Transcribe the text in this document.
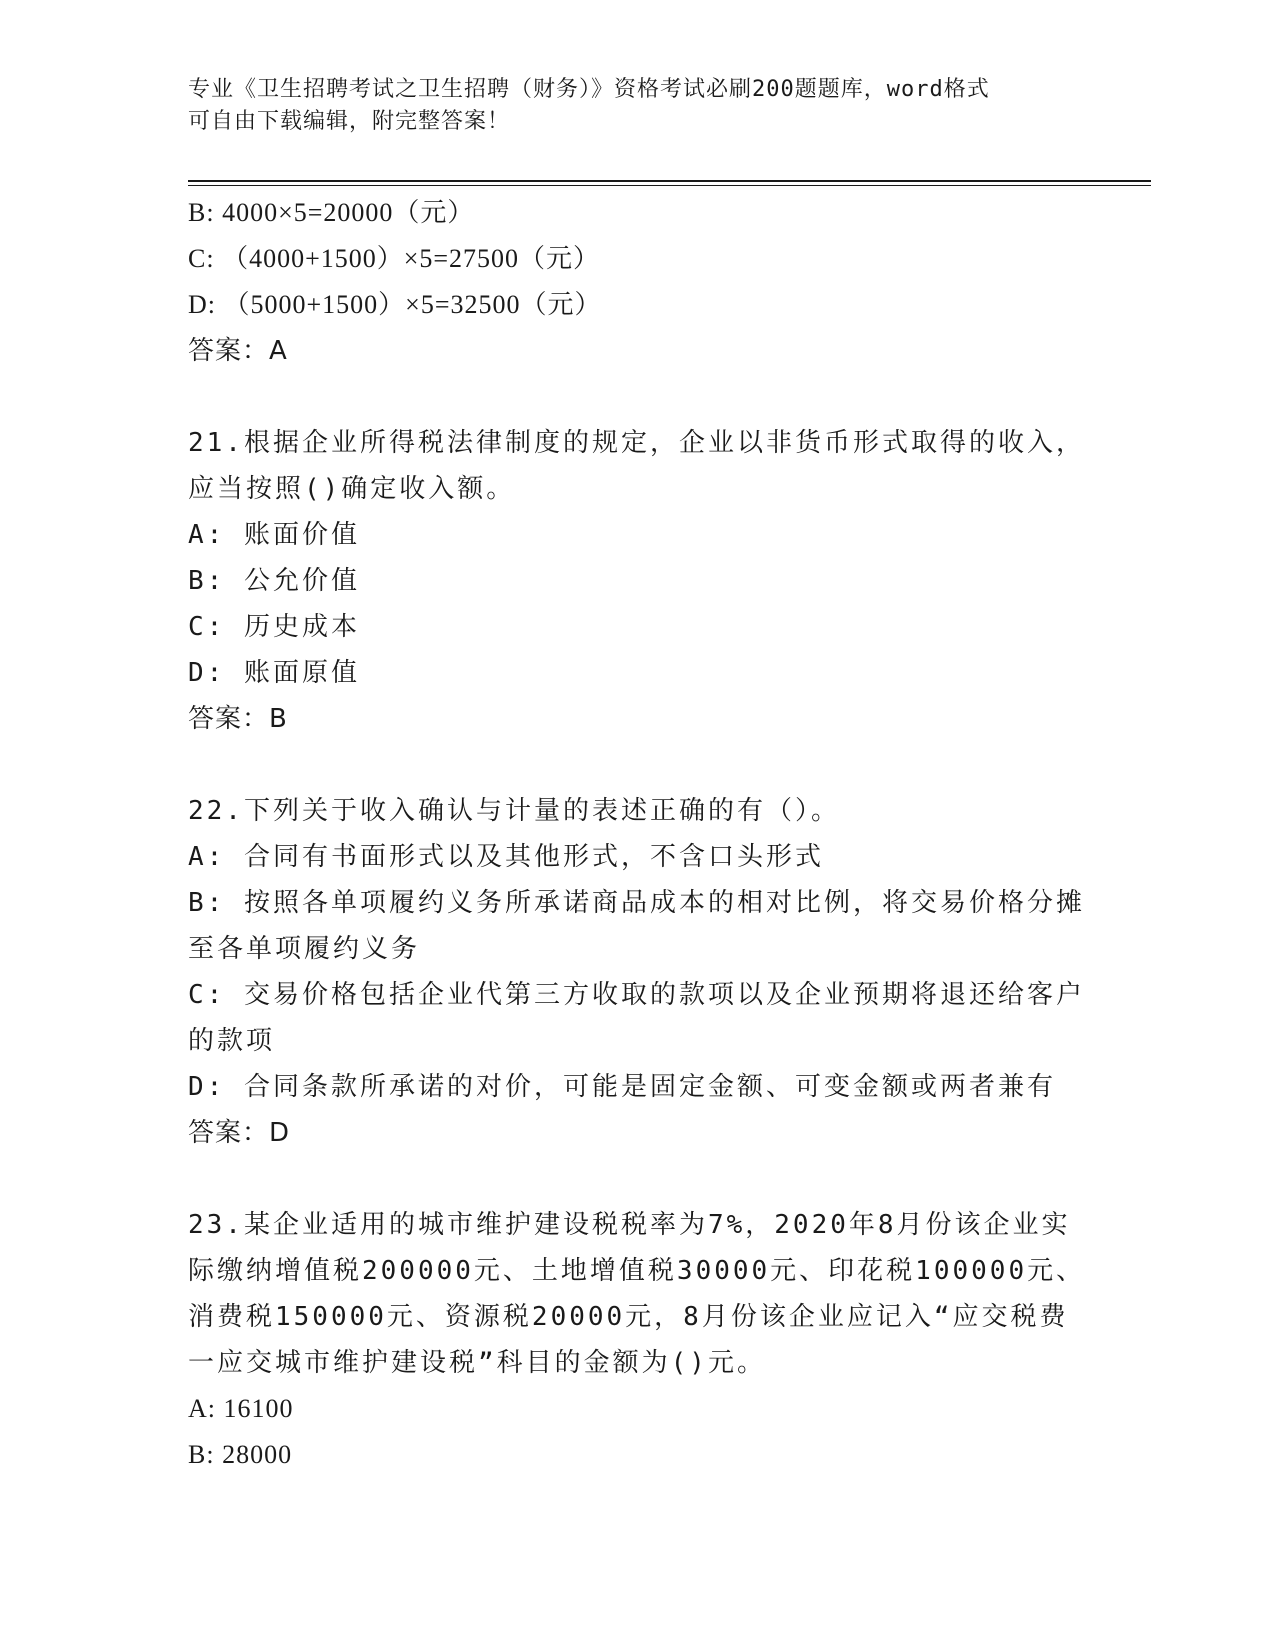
专业《卫生招聘考试之卫生招聘（财务）》资格考试必刷200题题库，word格式
可自由下载编辑，附完整答案！
B: 4000×5=20000（元）
C: （4000+1500）×5=27500（元）
D: （5000+1500）×5=32500（元）
答案：A
21.根据企业所得税法律制度的规定，企业以非货币形式取得的收入，
应当按照()确定收入额。
A: 账面价值
B: 公允价值
C: 历史成本
D: 账面原值
答案：B
22.下列关于收入确认与计量的表述正确的有（）。
A: 合同有书面形式以及其他形式，不含口头形式
B: 按照各单项履约义务所承诺商品成本的相对比例，将交易价格分摊
至各单项履约义务
C: 交易价格包括企业代第三方收取的款项以及企业预期将退还给客户
的款项
D: 合同条款所承诺的对价，可能是固定金额、可变金额或两者兼有
答案：D
23.某企业适用的城市维护建设税税率为7%，2020年8月份该企业实
际缴纳增值税200000元、土地增值税30000元、印花税100000元、
消费税150000元、资源税20000元，8月份该企业应记入“应交税费
一应交城市维护建设税”科目的金额为()元。
A: 16100
B: 28000
